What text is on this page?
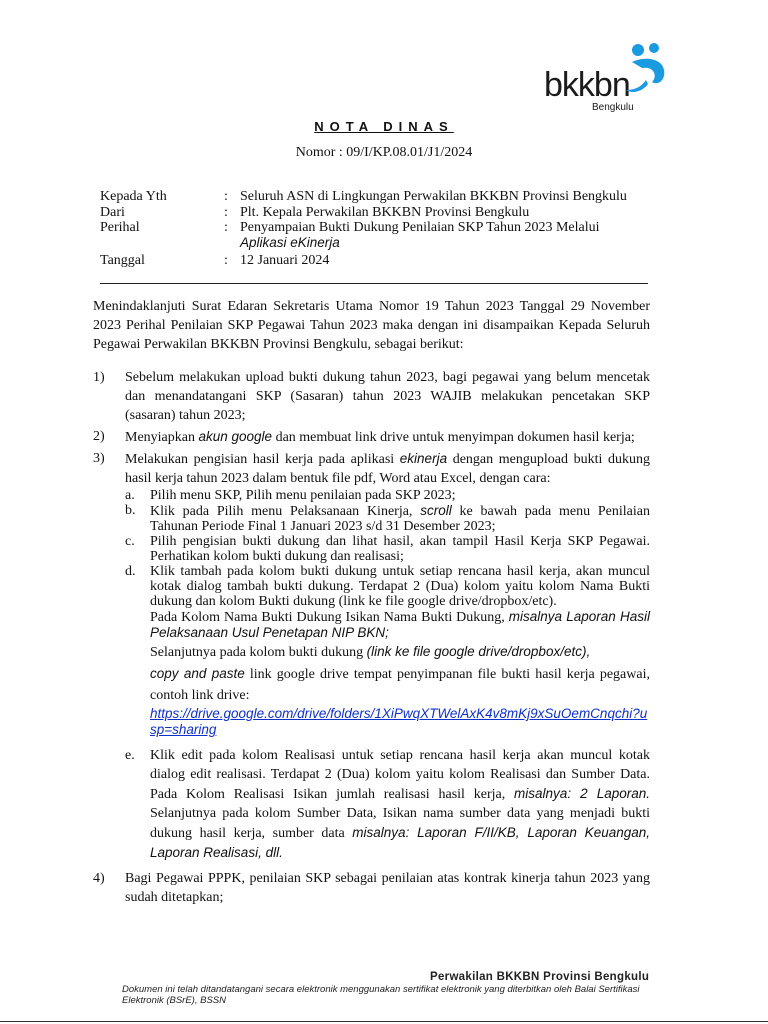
bkkbn
Bengkulu
NOTA DINAS
Nomor : 09/I/KP.08.01/J1/2024
Kepada Yth	: Seluruh ASN di Lingkungan Perwakilan BKKBN Provinsi Bengkulu
Dari	: Plt. Kepala Perwakilan BKKBN Provinsi Bengkulu
Perihal	: Penyampaian Bukti Dukung Penilaian SKP Tahun 2023 Melalui
Aplikasi eKinerja
Tanggal	: 12 Januari 2024

Menindaklanjuti Surat Edaran Sekretaris Utama Nomor 19 Tahun 2023 Tanggal 29 November 2023 Perihal Penilaian SKP Pegawai Tahun 2023 maka dengan ini disampaikan Kepada Seluruh Pegawai Perwakilan BKKBN Provinsi Bengkulu, sebagai berikut:

1)	Sebelum melakukan upload bukti dukung tahun 2023, bagi pegawai yang belum mencetak dan menandatangani SKP (Sasaran) tahun 2023 WAJIB melakukan pencetakan SKP (sasaran) tahun 2023;
2)	Menyiapkan akun google dan membuat link drive untuk menyimpan dokumen hasil kerja;
3)	Melakukan pengisian hasil kerja pada aplikasi ekinerja dengan mengupload bukti dukung hasil kerja tahun 2023 dalam bentuk file pdf, Word atau Excel, dengan cara:
a.	Pilih menu SKP, Pilih menu penilaian pada SKP 2023;
b.	Klik pada Pilih menu Pelaksanaan Kinerja, scroll ke bawah pada menu Penilaian Tahunan Periode Final 1 Januari 2023 s/d 31 Desember 2023;
c.	Pilih pengisian bukti dukung dan lihat hasil, akan tampil Hasil Kerja SKP Pegawai. Perhatikan kolom bukti dukung dan realisasi;
d.	Klik tambah pada kolom bukti dukung untuk setiap rencana hasil kerja, akan muncul kotak dialog tambah bukti dukung. Terdapat 2 (Dua) kolom yaitu kolom Nama Bukti dukung dan kolom Bukti dukung (link ke file google drive/dropbox/etc).
Pada Kolom Nama Bukti Dukung Isikan Nama Bukti Dukung, misalnya Laporan Hasil Pelaksanaan Usul Penetapan NIP BKN;
Selanjutnya pada kolom bukti dukung (link ke file google drive/dropbox/etc),
copy and paste link google drive tempat penyimpanan file bukti hasil kerja pegawai, contoh link drive:
https://drive.google.com/drive/folders/1XiPwqXTWelAxK4v8mKj9xSuOemCnqchi?usp=sharing
e.	Klik edit pada kolom Realisasi untuk setiap rencana hasil kerja akan muncul kotak dialog edit realisasi. Terdapat 2 (Dua) kolom yaitu kolom Realisasi dan Sumber Data. Pada Kolom Realisasi Isikan jumlah realisasi hasil kerja, misalnya: 2 Laporan. Selanjutnya pada kolom Sumber Data, Isikan nama sumber data yang menjadi bukti dukung hasil kerja, sumber data misalnya: Laporan F/II/KB, Laporan Keuangan, Laporan Realisasi, dll.
4)	Bagi Pegawai PPPK, penilaian SKP sebagai penilaian atas kontrak kinerja tahun 2023 yang sudah ditetapkan;
Perwakilan BKKBN Provinsi Bengkulu
Dokumen ini telah ditandatangani secara elektronik menggunakan sertifikat elektronik yang diterbitkan oleh Balai Sertifikasi Elektronik (BSrE), BSSN
